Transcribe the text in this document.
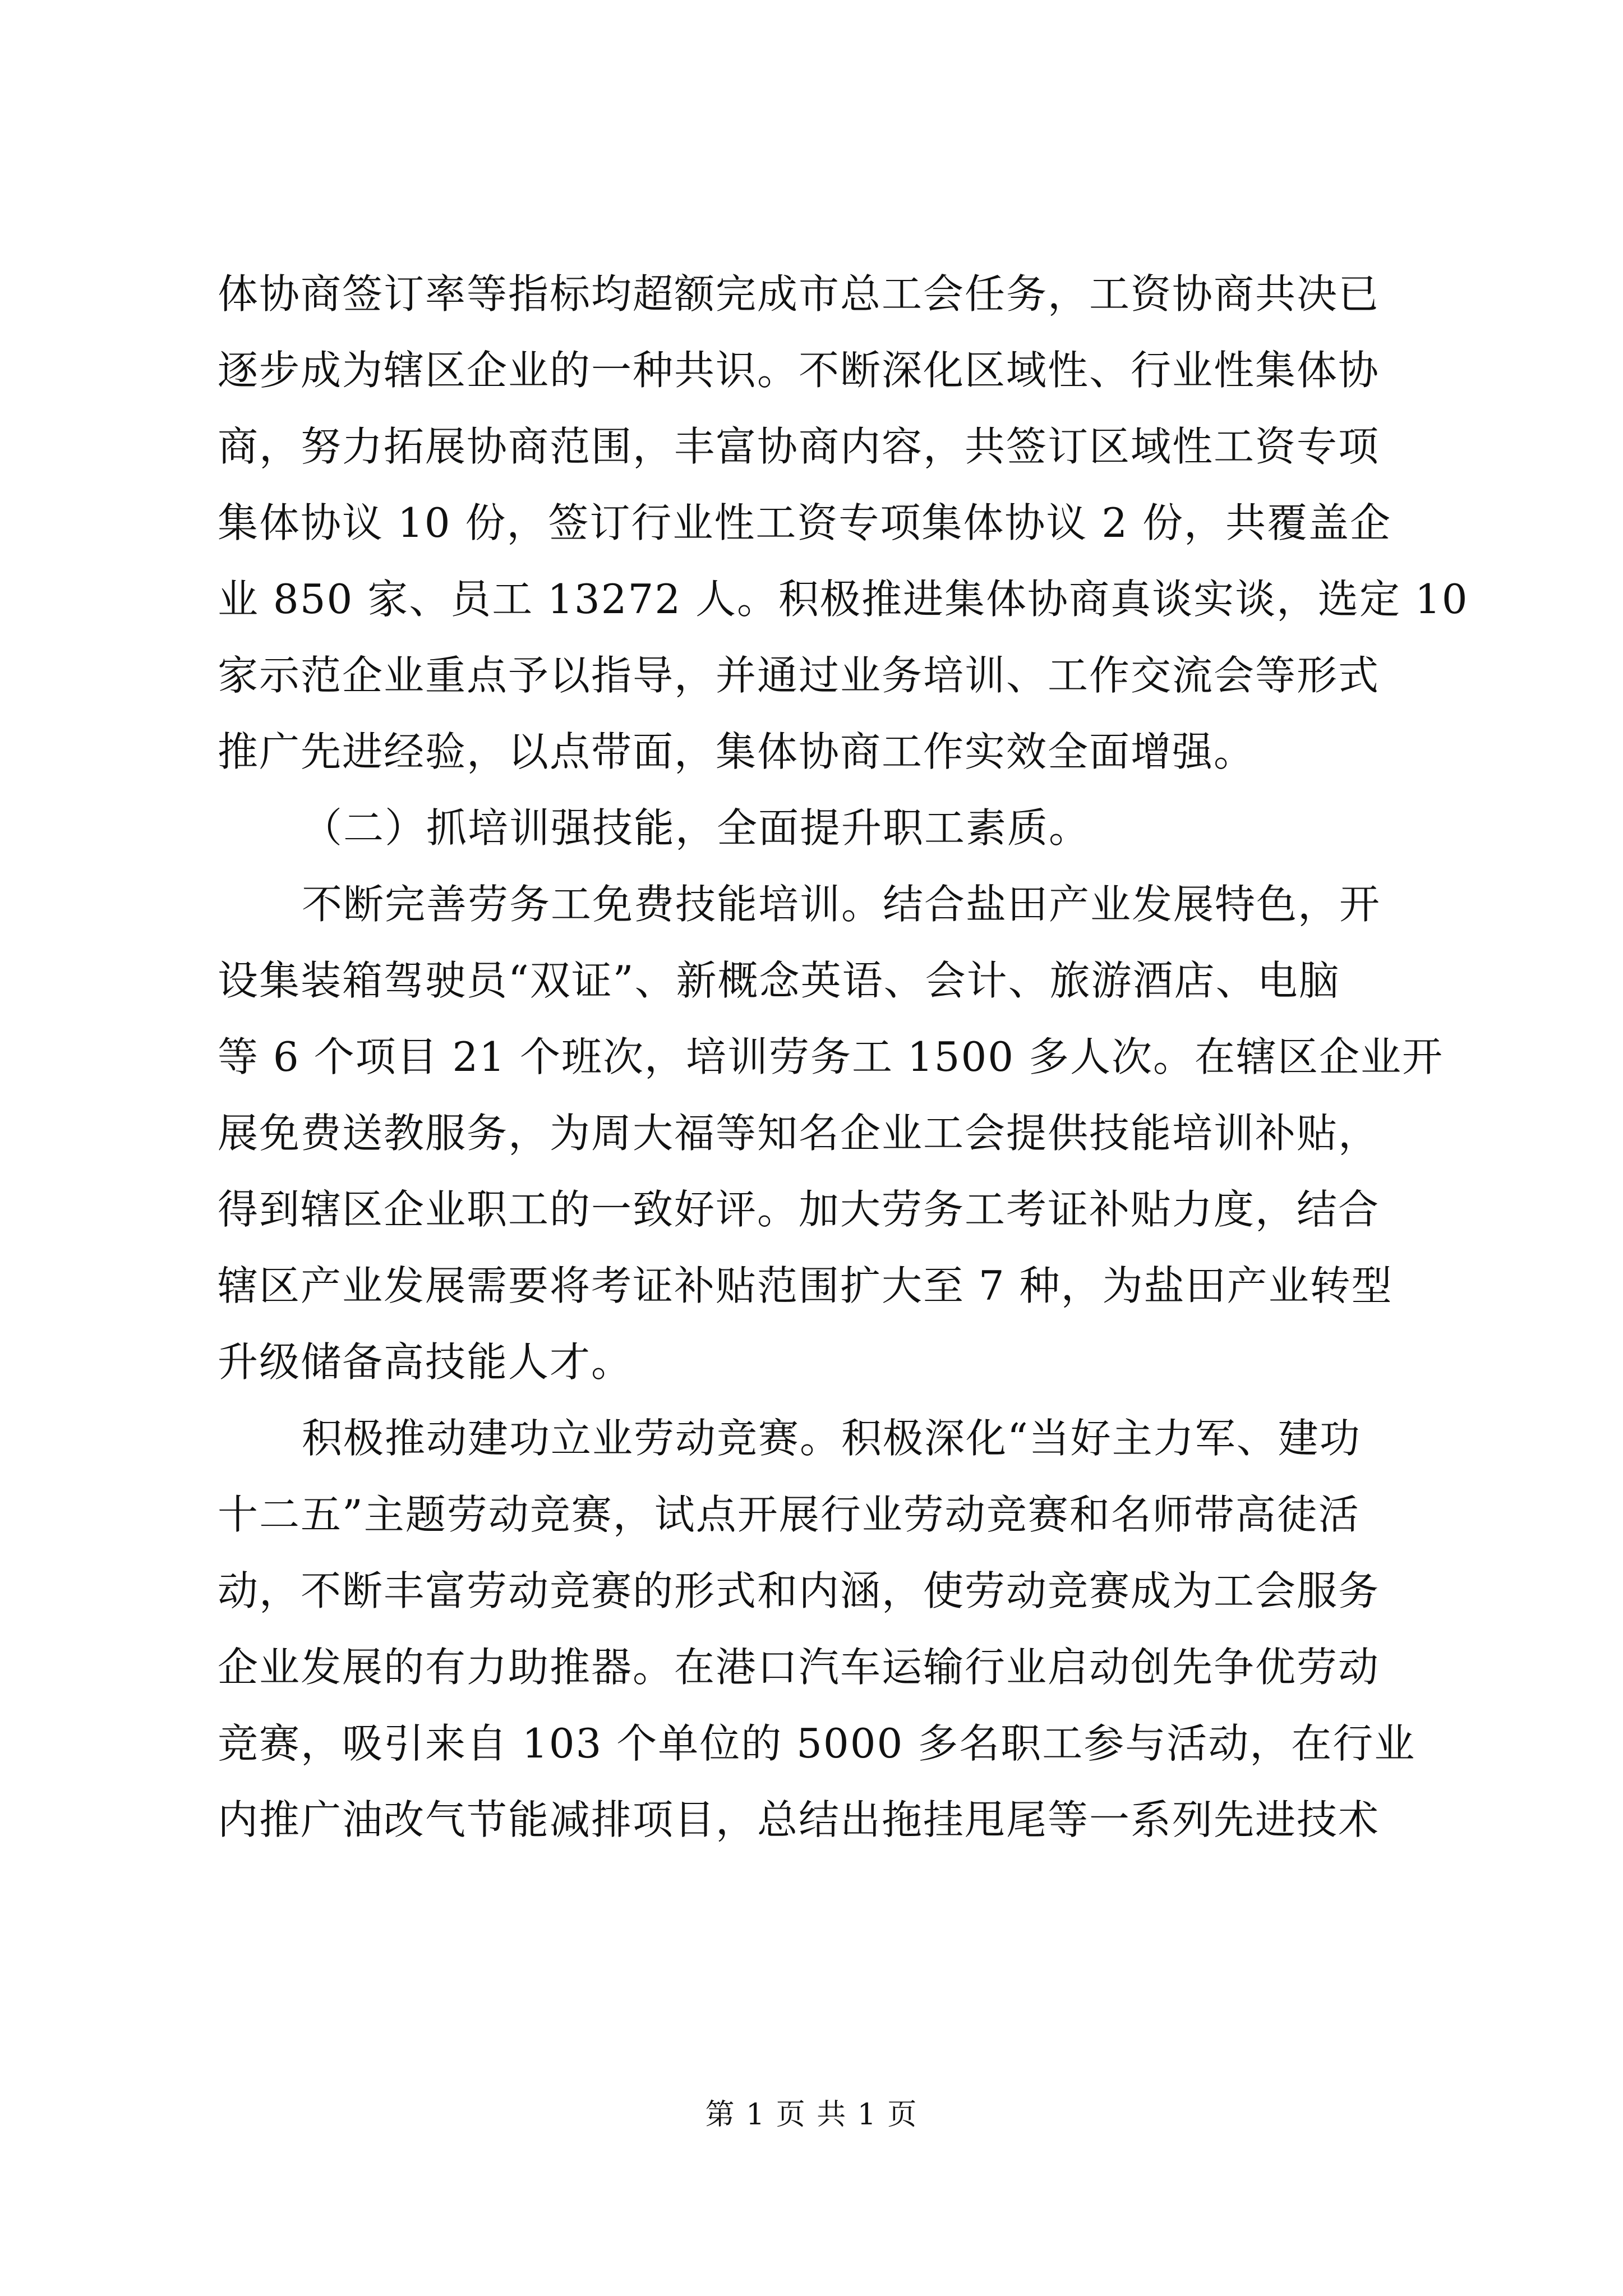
体协商签订率等指标均超额完成市总工会任务，工资协商共决已
逐步成为辖区企业的一种共识。不断深化区域性、行业性集体协
商，努力拓展协商范围，丰富协商内容，共签订区域性工资专项
集体协议 10 份，签订行业性工资专项集体协议 2 份，共覆盖企
业 850 家、员工 13272 人。积极推进集体协商真谈实谈，选定 10
家示范企业重点予以指导，并通过业务培训、工作交流会等形式
推广先进经验，以点带面，集体协商工作实效全面增强。
（二）抓培训强技能，全面提升职工素质。
不断完善劳务工免费技能培训。结合盐田产业发展特色，开
设集装箱驾驶员“双证”、新概念英语、会计、旅游酒店、电脑
等 6 个项目 21 个班次，培训劳务工 1500 多人次。在辖区企业开
展免费送教服务，为周大福等知名企业工会提供技能培训补贴，
得到辖区企业职工的一致好评。加大劳务工考证补贴力度，结合
辖区产业发展需要将考证补贴范围扩大至 7 种，为盐田产业转型
升级储备高技能人才。
积极推动建功立业劳动竞赛。积极深化“当好主力军、建功
十二五”主题劳动竞赛，试点开展行业劳动竞赛和名师带高徒活
动，不断丰富劳动竞赛的形式和内涵，使劳动竞赛成为工会服务
企业发展的有力助推器。在港口汽车运输行业启动创先争优劳动
竞赛，吸引来自 103 个单位的 5000 多名职工参与活动，在行业
内推广油改气节能减排项目，总结出拖挂甩尾等一系列先进技术
第 1 页 共 1 页
